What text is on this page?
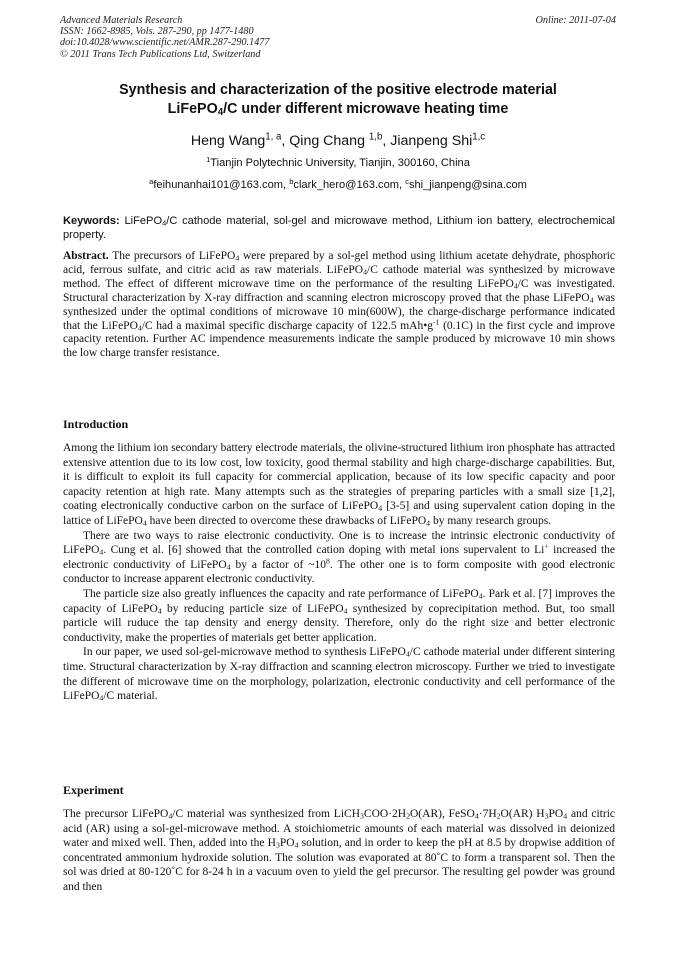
Advanced Materials Research
ISSN: 1662-8985, Vols. 287-290, pp 1477-1480
doi:10.4028/www.scientific.net/AMR.287-290.1477
© 2011 Trans Tech Publications Ltd, Switzerland
Online: 2011-07-04
Synthesis and characterization of the positive electrode material
LiFePO$_4$/C under different microwave heating time
Heng Wang$^{1, a}$, Qing Chang $^{1,b}$, Jianpeng Shi$^{1,c}$
$^1$Tianjin Polytechnic University, Tianjin, 300160, China
$^a$feihunanhai101@163.com, $^b$clark_hero@163.com, $^c$shi_jianpeng@sina.com
Keywords: LiFePO$_4$/C cathode material, sol-gel and microwave method, Lithium ion battery, electrochemical property.
Abstract. The precursors of LiFePO$_4$ were prepared by a sol-gel method using lithium acetate dehydrate, phosphoric acid, ferrous sulfate, and citric acid as raw materials. LiFePO$_4$/C cathode material was synthesized by microwave method. The effect of different microwave time on the performance of the resulting LiFePO$_4$/C was investigated. Structural characterization by X-ray diffraction and scanning electron microscopy proved that the phase LiFePO$_4$ was synthesized under the optimal conditions of microwave 10 min(600W), the charge-discharge performance indicated that the LiFePO$_4$/C had a maximal specific discharge capacity of 122.5 $mAh•g^{-1}$ (0.1C) in the first cycle and improve capacity retention. Further AC impendence measurements indicate the sample produced by microwave 10 min shows the low charge transfer resistance.
Introduction

Among the lithium ion secondary battery electrode materials, the olivine-structured lithium iron phosphate has attracted extensive attention due to its low cost, low toxicity, good thermal stability and high charge-discharge capabilities. But, it is difficult to exploit its full capacity for commercial application, because of its low specific capacity and poor capacity retention at high rate. Many attempts such as the strategies of preparing particles with a small size [1,2], coating electronically conductive carbon on the surface of LiFePO$_4$ [3-5] and using supervalent cation doping in the lattice of LiFePO$_4$ have been directed to overcome these drawbacks of LiFePO$_4$ by many research groups.

There are two ways to raise electronic conductivity. One is to increase the intrinsic electronic conductivity of LiFePO$_4$. Cung et al. [6] showed that the controlled cation doping with metal ions supervalent to Li+ increased the electronic conductivity of LiFePO$_4$ by a factor of $\sim 10^8$. The other one is to form composite with good electronic conductor to increase apparent electronic conductivity.

The particle size also greatly influences the capacity and rate performance of LiFePO$_4$. Park et al. [7] improves the capacity of LiFePO$_4$ by reducing particle size of LiFePO$_4$ synthesized by coprecipitation method. But, too small particle will ruduce the tap density and energy density. Therefore, only do the right size and better electronic conductivity, make the properties of materials get better application.

In our paper, we used sol-gel-microwave method to synthesis LiFePO$_4$/C cathode material under different sintering time. Structural characterization by X-ray diffraction and scanning electron microscopy. Further we tried to investigate the different of microwave time on the morphology, polarization, electronic conductivity and cell performance of the LiFePO$_4$/C material.

Experiment

The precursor LiFePO$_4$/C material was synthesized from $LiCH_3COO\cdot 2H_2O(AR)$, $FeSO_4\cdot 7H_2O(AR)$ $H_3PO_4$ and citric acid (AR) using a sol-gel-microwave method. A stoichiometric amounts of each material was dissolved in deionized water and mixed well. Then, added into the $H_3PO_4$ solution, and in order to keep the pH at 8.5 by dropwise addition of concentrated ammonium hydroxide solution. The solution was evaporated at 80˚C to form a transparent sol. Then the sol was dried at 80-120˚C for 8-24 h in a vacuum oven to yield the gel precursor. The resulting gel powder was ground and then
